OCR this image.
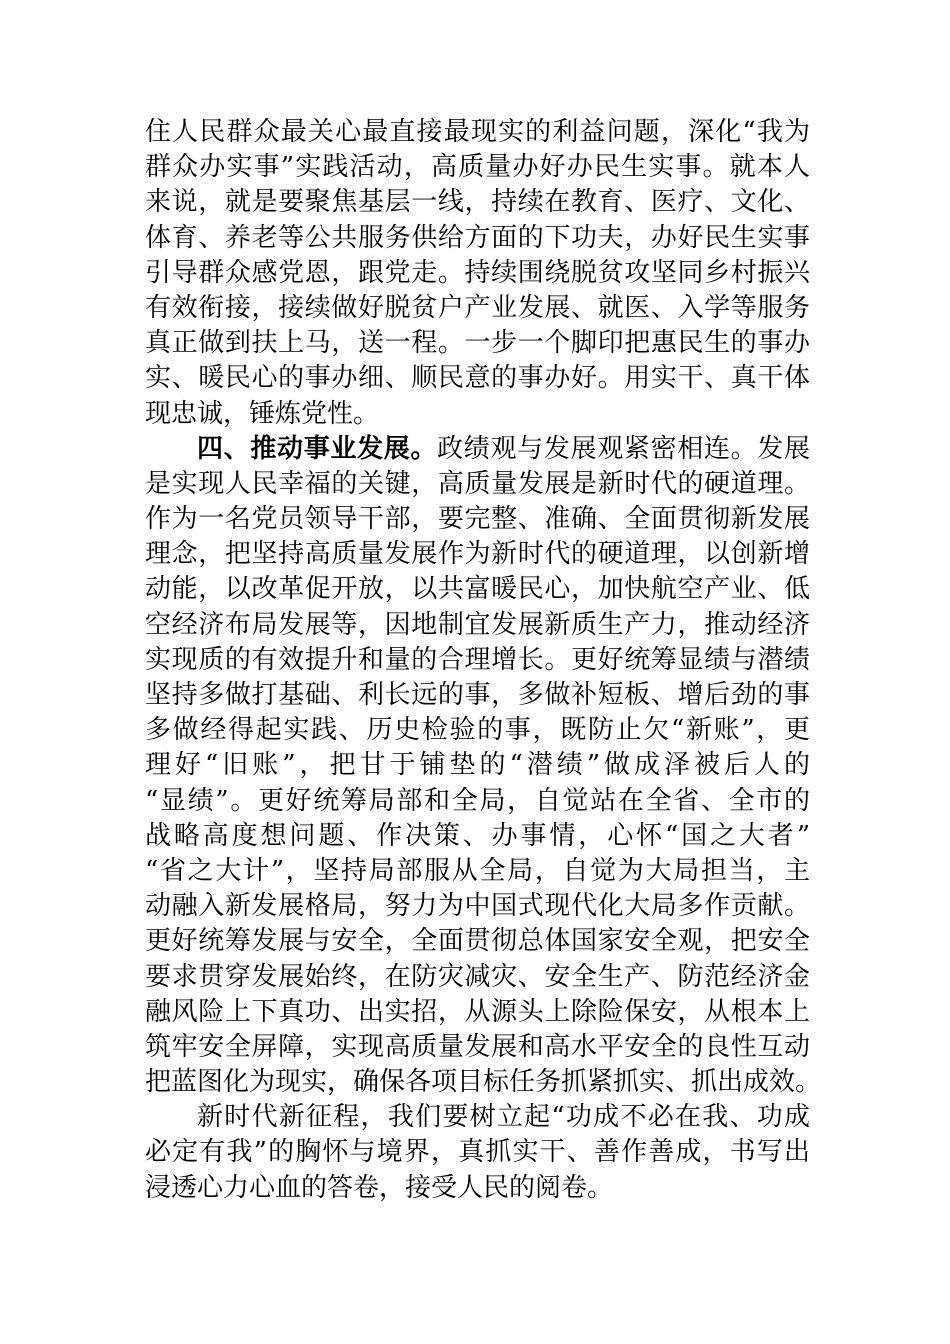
住人民群众最关心最直接最现实的利益问题，深化“我为
群众办实事”实践活动，高质量办好办民生实事。就本人
来说，就是要聚焦基层一线，持续在教育、医疗、文化、
体育、养老等公共服务供给方面的下功夫，办好民生实事
引导群众感党恩，跟党走。持续围绕脱贫攻坚同乡村振兴
有效衔接，接续做好脱贫户产业发展、就医、入学等服务
真正做到扶上马，送一程。一步一个脚印把惠民生的事办
实、暖民心的事办细、顺民意的事办好。用实干、真干体
现忠诚，锤炼党性。
四、推动事业发展。政绩观与发展观紧密相连。发展
是实现人民幸福的关键，高质量发展是新时代的硬道理。
作为一名党员领导干部，要完整、准确、全面贯彻新发展
理念，把坚持高质量发展作为新时代的硬道理，以创新增
动能，以改革促开放，以共富暖民心，加快航空产业、低
空经济布局发展等，因地制宜发展新质生产力，推动经济
实现质的有效提升和量的合理增长。更好统筹显绩与潜绩
坚持多做打基础、利长远的事，多做补短板、增后劲的事
多做经得起实践、历史检验的事，既防止欠“新账”，更
理好“旧账”，把甘于铺垫的“潜绩”做成泽被后人的
“显绩”。更好统筹局部和全局，自觉站在全省、全市的
战略高度想问题、作决策、办事情，心怀“国之大者”
“省之大计”，坚持局部服从全局，自觉为大局担当，主
动融入新发展格局，努力为中国式现代化大局多作贡献。
更好统筹发展与安全，全面贯彻总体国家安全观，把安全
要求贯穿发展始终，在防灾减灾、安全生产、防范经济金
融风险上下真功、出实招，从源头上除险保安，从根本上
筑牢安全屏障，实现高质量发展和高水平安全的良性互动
把蓝图化为现实，确保各项目标任务抓紧抓实、抓出成效。
新时代新征程，我们要树立起“功成不必在我、功成
必定有我”的胸怀与境界，真抓实干、善作善成，书写出
浸透心力心血的答卷，接受人民的阅卷。
